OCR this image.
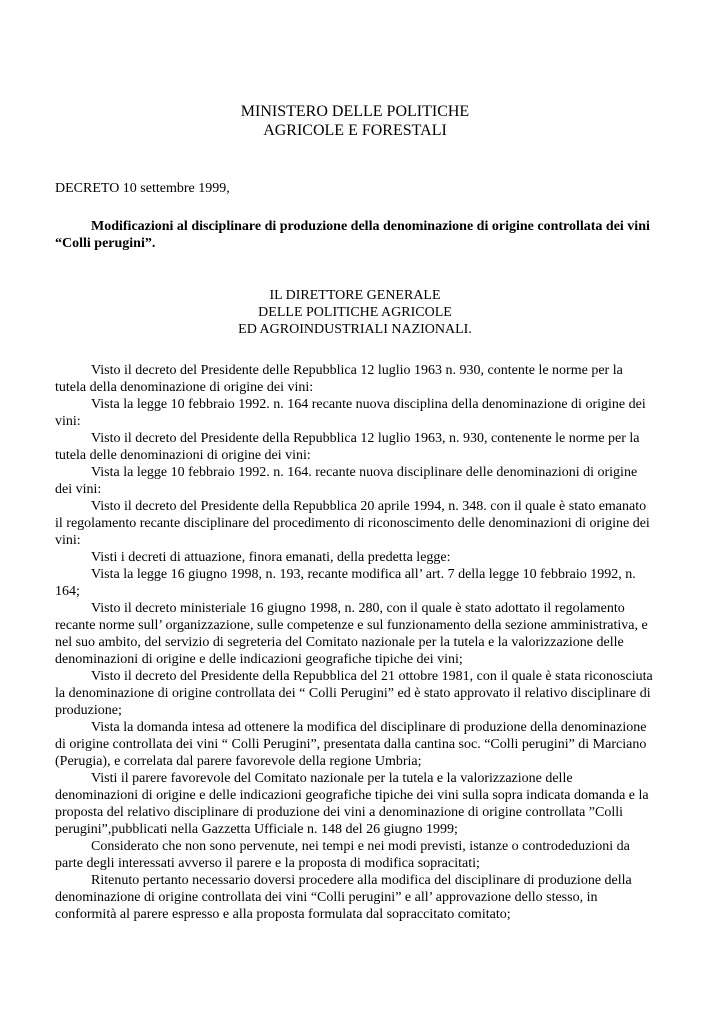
MINISTERO DELLE POLITICHE
AGRICOLE E FORESTALI

DECRETO 10 settembre 1999,

Modificazioni al disciplinare di produzione della denominazione di origine controllata dei vini “Colli perugini”.

IL DIRETTORE GENERALE
DELLE POLITICHE AGRICOLE
ED AGROINDUSTRIALI NAZIONALI.

Visto il decreto del Presidente delle Repubblica 12 luglio 1963 n. 930, contente le norme per la tutela della denominazione di origine dei vini:

Vista la legge 10 febbraio 1992. n. 164 recante nuova disciplina della denominazione di origine dei vini:

Visto il decreto del Presidente della Repubblica 12 luglio 1963, n. 930, contenente le norme per la tutela delle denominazioni di origine dei vini:

Vista la legge 10 febbraio 1992. n. 164. recante nuova disciplinare delle denominazioni di origine dei vini:

Visto il decreto del Presidente della Repubblica 20 aprile 1994, n. 348. con il quale è stato emanato il regolamento recante disciplinare del procedimento di riconoscimento delle denominazioni di origine dei vini:

Visti i decreti di attuazione, finora emanati, della predetta legge:

Vista la legge 16 giugno 1998, n. 193, recante modifica all’ art. 7 della legge 10 febbraio 1992, n. 164;

Visto il decreto ministeriale 16 giugno 1998, n. 280, con il quale è stato adottato il regolamento recante norme sull’ organizzazione, sulle competenze e sul funzionamento della sezione amministrativa, e nel suo ambito, del servizio di segreteria del Comitato nazionale per la tutela e la valorizzazione delle denominazioni di origine e delle indicazioni geografiche tipiche dei vini;

Visto il decreto del Presidente della Repubblica del 21 ottobre 1981, con il quale è stata riconosciuta la denominazione di origine controllata dei “ Colli Perugini” ed è stato approvato il relativo disciplinare di produzione;

Vista la domanda intesa ad ottenere la modifica del disciplinare di produzione della denominazione di origine controllata dei vini “ Colli Perugini”, presentata dalla cantina soc. “Colli perugini” di Marciano (Perugia), e correlata dal parere favorevole della regione Umbria;

Visti il parere favorevole del Comitato nazionale per la tutela e la valorizzazione delle denominazioni di origine e delle indicazioni geografiche tipiche dei vini sulla sopra indicata domanda e la proposta del relativo disciplinare di produzione dei vini a denominazione di origine controllata ”Colli perugini”,pubblicati nella Gazzetta Ufficiale n. 148 del 26 giugno 1999;

Considerato che non sono pervenute, nei tempi e nei modi previsti, istanze o controdeduzioni da parte degli interessati avverso il parere e la proposta di modifica sopracitati;

Ritenuto pertanto necessario doversi procedere alla modifica del disciplinare di produzione della denominazione di origine controllata dei vini “Colli perugini” e all’ approvazione dello stesso, in conformità al parere espresso e alla proposta formulata dal sopraccitato comitato;
